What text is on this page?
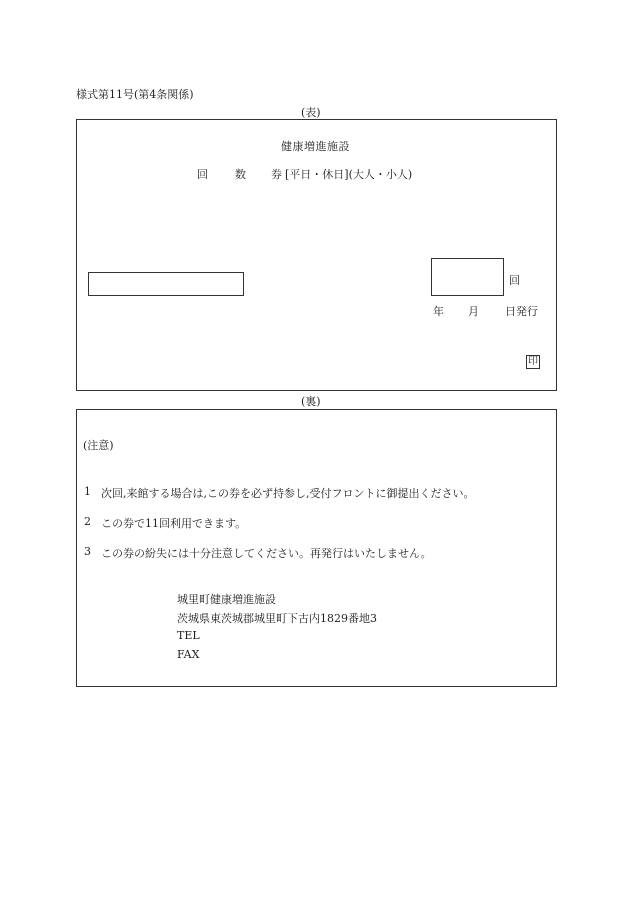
様式第11号(第4条関係)
(表)
健康増進施設
回 数 券 [平日・休日](大人・小人)
回
年 月 日発行
印
(裏)
(注意)
1 次回,来館する場合は,この券を必ず持参し,受付フロントに御提出ください。
2 この券で11回利用できます。
3 この券の紛失には十分注意してください。再発行はいたしません。
城里町健康増進施設
茨城県東茨城郡城里町下古内1829番地3
TEL
FAX
